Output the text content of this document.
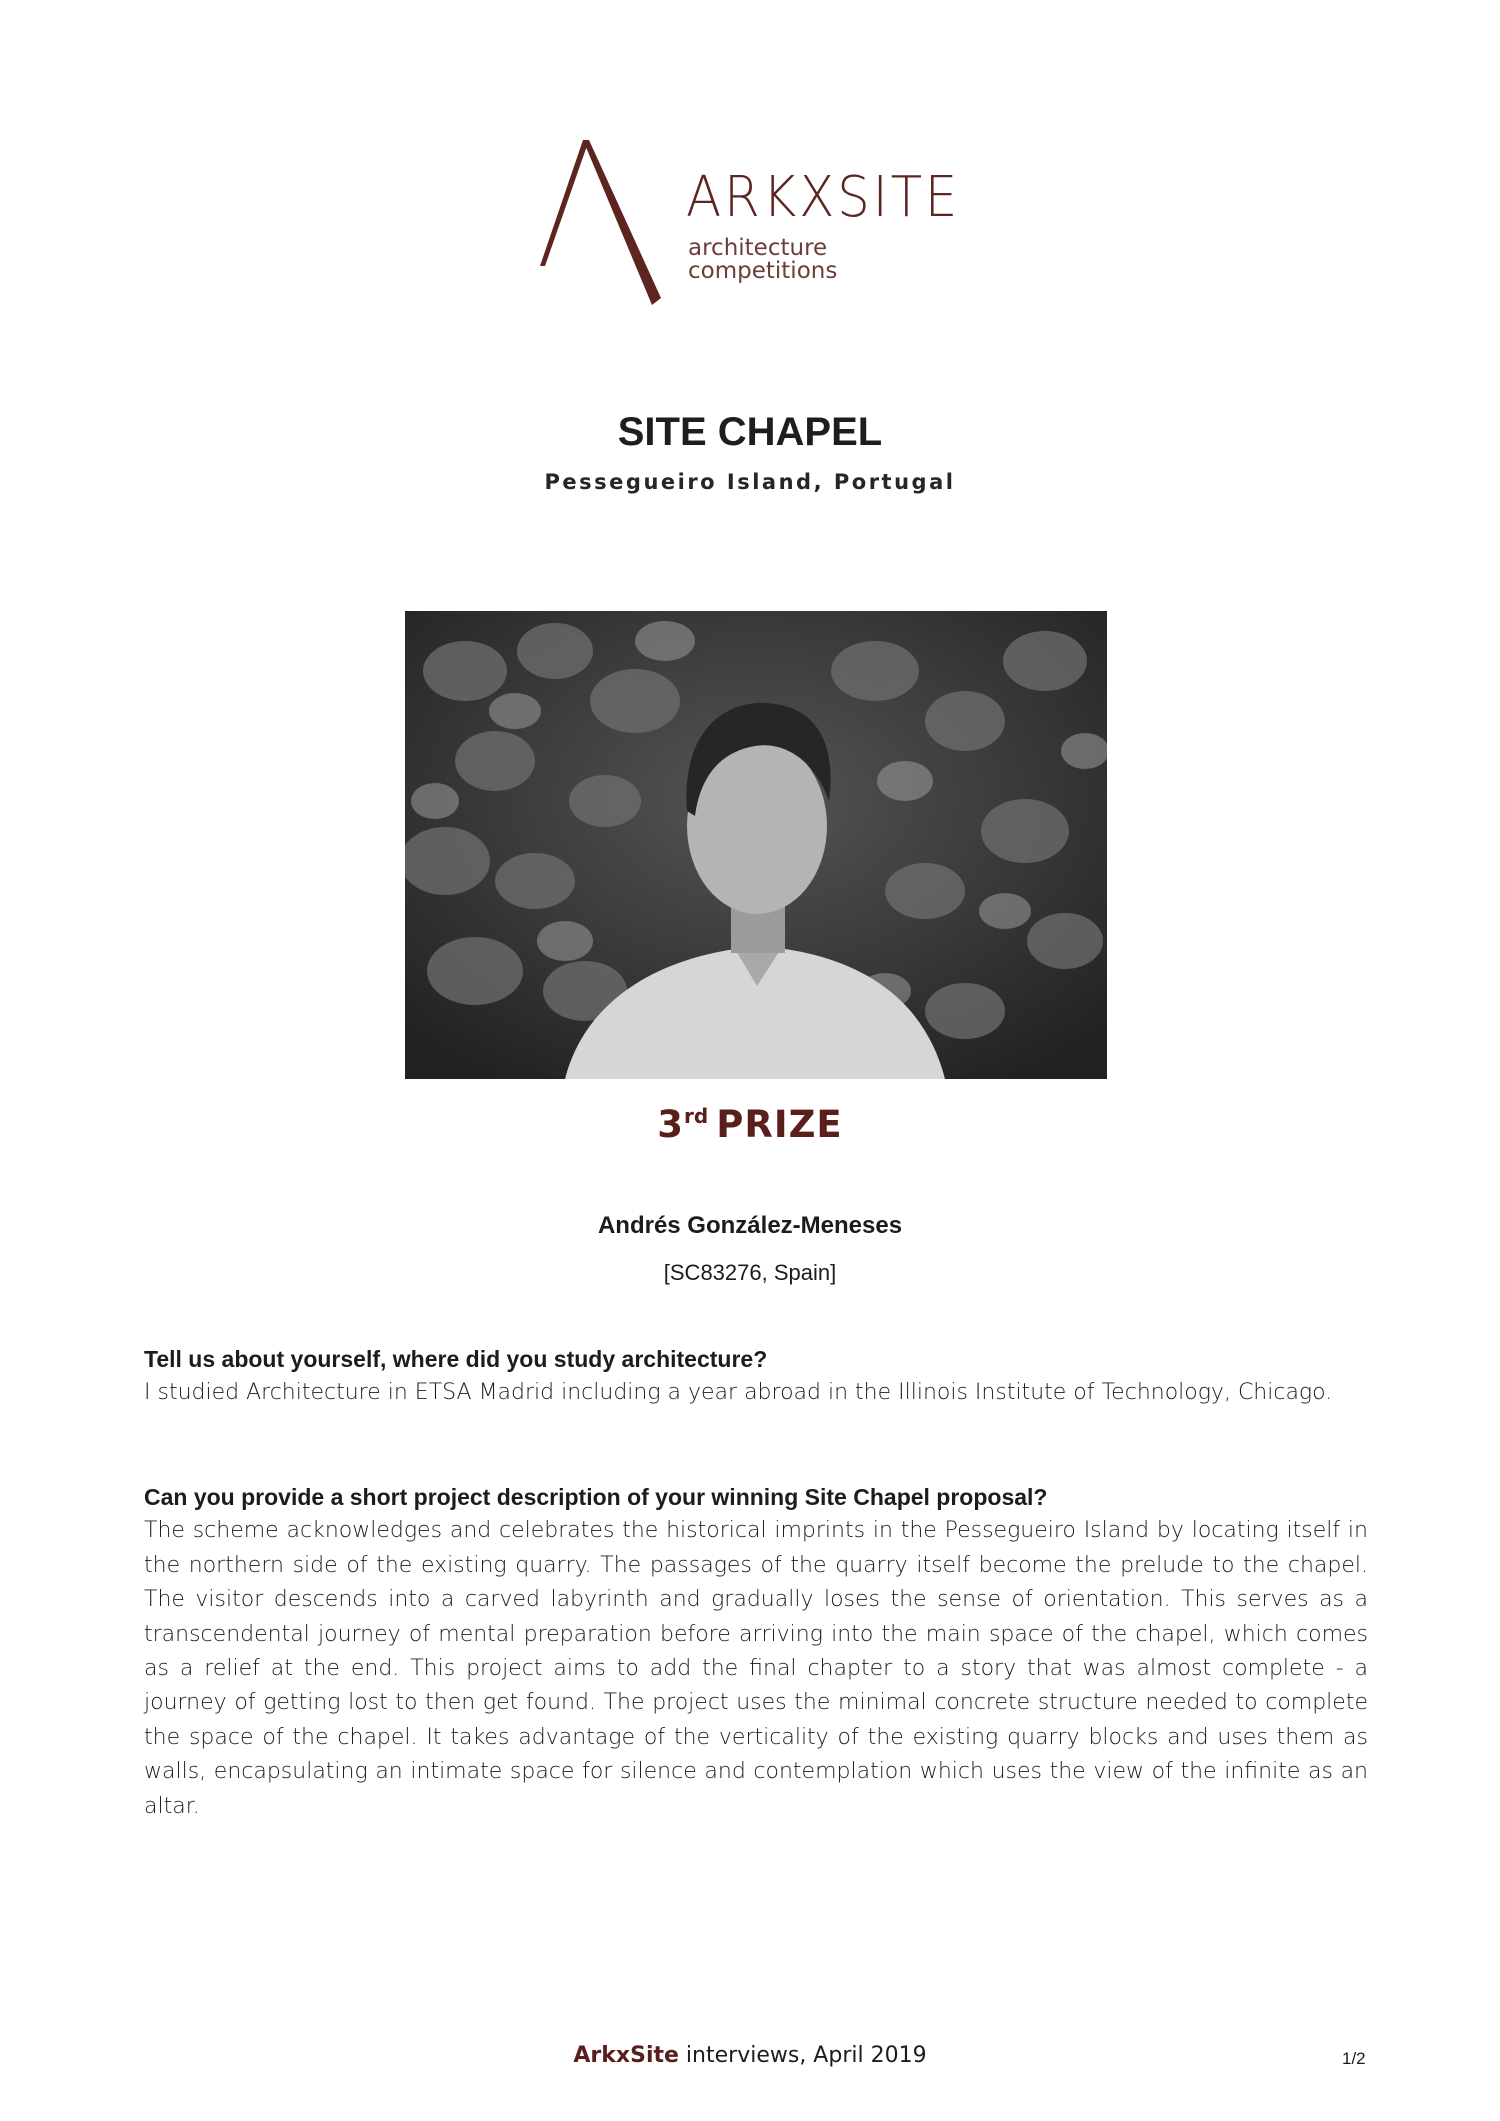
ARKXSITE
architecture competitions
SITE CHAPEL
Pessegueiro Island, Portugal
3rd PRIZE
Andrés González-Meneses
[SC83276, Spain]

Tell us about yourself, where did you study architecture?

I studied Architecture in ETSA Madrid including a year abroad in the Illinois Institute of Technology, Chicago.

Can you provide a short project description of your winning Site Chapel proposal?

The scheme acknowledges and celebrates the historical imprints in the Pessegueiro Island by locating itself in the northern side of the existing quarry. The passages of the quarry itself become the prelude to the chapel. The visitor descends into a carved labyrinth and gradually loses the sense of orientation. This serves as a transcendental journey of mental preparation before arriving into the main space of the chapel, which comes as a relief at the end. This project aims to add the final chapter to a story that was almost complete - a journey of getting lost to then get found. The project uses the minimal concrete structure needed to complete the space of the chapel. It takes advantage of the verticality of the existing quarry blocks and uses them as walls, encapsulating an intimate space for silence and contemplation which uses the view of the infinite as an altar.

ArkxSite interviews, April 2019	1/2
